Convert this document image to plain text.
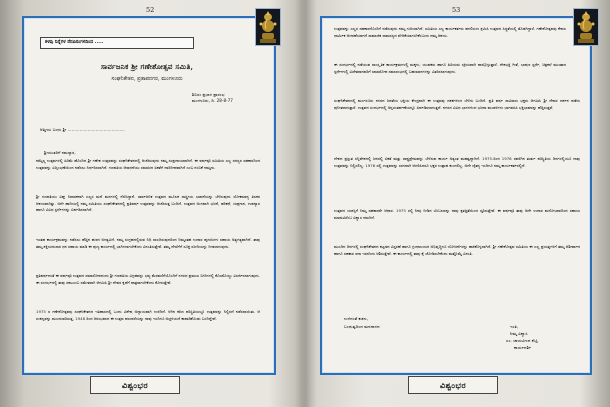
52
ಕಳವು ನಿನ್ನೆಗಳ ನೆನಪಿನಂಗಳದಿಂದ .....
ಸಾರ್ವಜನಿಕ ಶ್ರೀ ಗಣೇಶೋತ್ಸವ ಸಮಿತಿ,
ಸಂಘನಿಕೇತನ, ಪ್ರತಾಪನಗರ, ಮಂಗಳೂರು
ಶಿಬಿರಂ ಪ್ರಭಾಗ ಪ್ರಾರಂಭ
ಮಂಗಳೂರು, ದಿ. 28-8-77
ಆತ್ಮೀಯ ಬಂಧು ಶ್ರೀ ...........................................
ಶ್ರೀಯುತರಿಗೆ ನಮಸ್ಕಾರ,
ನಮ್ಮೆಲ್ಲ ಉತ್ಸವಗಳಲ್ಲಿ ಹಿರಿಮೆ ಹೊಂದಿದ ಶ್ರೀ ಗಣೇಶ ಉತ್ಸವವನ್ನು ಸಂಘನಿಕೇತನದಲ್ಲಿ ಆಚರಿಸುವುದು ನಮ್ಮ ಸಂಪ್ರದಾಯವಾಗಿದೆ. ಈ ವರ್ಷವೂ ಸಮಿತಿಯ ಎಲ್ಲ ಸದಸ್ಯರ ಸಹಕಾರದಿಂದ ಉತ್ಸವವನ್ನು ವಿಜೃಂಭಣೆಯಿಂದ ನಡೆಸಲು ನಿರ್ಧರಿಸಲಾಗಿದೆ. ಗಣಪತಿಯ ಆರಾಧನೆಯು ಸಮಾಜದ ಏಕತೆಗೆ ದಾರಿದೀಪವಾಗಿದೆ ಎಂಬ ನಂಬಿಕೆ ನಮ್ಮದು.
ಶ್ರೀ ಗಣಪತಿಯು ವಿಘ್ನ ನಿವಾರಕನಾಗಿ ಎಲ್ಲರ ಮನೆ ಮನಗಳಲ್ಲಿ ನೆಲೆಸಿದ್ದಾನೆ. ಸಾರ್ವಜನಿಕ ಉತ್ಸವದ ಮೂಲಕ ರಾಷ್ಟ್ರೀಯ ಭಾವನೆಯನ್ನು ಬೆಳೆಸುವುದು ಲೋಕಮಾನ್ಯ ತಿಲಕರ ಆಶಯವಾಗಿತ್ತು. ಅದೇ ಹಾದಿಯಲ್ಲಿ ನಮ್ಮ ಸಮಿತಿಯು ಸಂಘನಿಕೇತನದಲ್ಲಿ ಪ್ರತಿವರ್ಷ ಉತ್ಸವವನ್ನು ಆಚರಿಸುತ್ತ ಬಂದಿದೆ. ಉತ್ಸವದ ಅಂಗವಾಗಿ ಭಜನೆ, ಹರಿಕಥೆ, ಯಕ್ಷಗಾನ, ಉಪನ್ಯಾಸ ಹಾಗೂ ವಿವಿಧ ಸ್ಪರ್ಧೆಗಳನ್ನು ಏರ್ಪಡಿಸಲಾಗಿದೆ.
ಇಂತಹ ಕಾರ್ಯಕ್ರಮವನ್ನು ನಡೆಸಲು ಹೆಚ್ಚಿನ ಹಣದ ಅಗತ್ಯವಿದೆ. ನಮ್ಮ ಸಂಗ್ರಹದಲ್ಲಿರುವ ನಿಧಿ ಸಾಲದಿರುವುದರಿಂದ ನಿಮ್ಮಂತಹ ಉದಾರ ಹೃದಯಿಗಳ ಸಹಾಯ ಅತ್ಯಗತ್ಯವಾಗಿದೆ. ತಾವು ತಮ್ಮ ಶಕ್ತಿಯನುಸಾರ ಧನ ಸಹಾಯ ಮಾಡಿ ಈ ಪುಣ್ಯ ಕಾರ್ಯದಲ್ಲಿ ಭಾಗಿಗಳಾಗಬೇಕೆಂದು ವಿನಂತಿಸುತ್ತೇವೆ. ತಮ್ಮ ದೇಣಿಗೆಗೆ ಸೂಕ್ತ ರಸೀದಿಯನ್ನು ನೀಡಲಾಗುವುದು.
ಪ್ರತಿವರ್ಷದಂತೆ ಈ ವರ್ಷವೂ ಉತ್ಸವದ ಸಮಾರೋಪದಂದು ಶ್ರೀ ಗಣಪತಿಯ ವಿಗ್ರಹವನ್ನು ಭವ್ಯ ಮೆರವಣಿಗೆಯೊಂದಿಗೆ ನಗರದ ಪ್ರಮುಖ ಬೀದಿಗಳಲ್ಲಿ ಕೊಂಡೊಯ್ದು ವಿಸರ್ಜಿಸಲಾಗುವುದು. ಈ ಸಂದರ್ಭದಲ್ಲಿ ತಾವು ಸಕುಟುಂಬ ಸಮೇತರಾಗಿ ಆಗಮಿಸಿ ಶ್ರೀ ದೇವರ ಕೃಪೆಗೆ ಪಾತ್ರರಾಗಬೇಕೆಂದು ಕೋರುತ್ತೇವೆ.
1975 ರ ಗಣೇಶೋತ್ಸವವು ಸಂಘನಿಕೇತನದ ಇತಿಹಾಸದಲ್ಲಿ ಒಂದು ವಿಶೇಷ ಅಧ್ಯಾಯವಾಗಿ ಉಳಿದಿದೆ. ಆಗಿನ ಕಠಿಣ ಪರಿಸ್ಥಿತಿಯಲ್ಲೂ ಉತ್ಸವವನ್ನು ನಿಲ್ಲಿಸದೆ ನಡೆಸಲಾಯಿತು. ಆ ಸಂಕಲ್ಪವನ್ನು ಮುಂದುವರಿಸುತ್ತ, 1948 ರಿಂದ ಆರಂಭವಾದ ಈ ಉತ್ಸವ ಪರಂಪರೆಯನ್ನು ನಾವು ಇಂದಿಗೂ ಅಚ್ಚಳಿಯದೆ ಕಾಪಾಡಿಕೊಂಡು ಬಂದಿದ್ದೇವೆ.
ವಿಶ್ವಂಭರ
53
ಉತ್ಸವವನ್ನು ಎಲ್ಲರ ಸಹಕಾರದೊಂದಿಗೆ ನಡೆಸುವುದು ನಮ್ಮ ಗುರಿಯಾಗಿದೆ. ಸಮಿತಿಯ ಎಲ್ಲ ಕಾರ್ಯಕರ್ತರು ಹಗಲಿರುಳು ಶ್ರಮಿಸಿ ಉತ್ಸವದ ಸಿದ್ಧತೆಯಲ್ಲಿ ತೊಡಗಿದ್ದಾರೆ. ಗಣೇಶೋತ್ಸವವು ಕೇವಲ ಧಾರ್ಮಿಕ ಆಚರಣೆಯಾಗದೆ ಸಾಮಾಜಿಕ ಸಾಮರಸ್ಯದ ವೇದಿಕೆಯಾಗಬೇಕೆಂಬುದು ನಮ್ಮ ಆಶಯ.
ಈ ಸಂದರ್ಭದಲ್ಲಿ ನಡೆಯುವ ಸಾಂಸ್ಕೃತಿಕ ಕಾರ್ಯಕ್ರಮಗಳಲ್ಲಿ ಮಕ್ಕಳು, ಯುವಕರು ಹಾಗೂ ಹಿರಿಯರು ಸಕ್ರಿಯವಾಗಿ ಪಾಲ್ಗೊಳ್ಳುತ್ತಾರೆ. ದೇಶಭಕ್ತಿ ಗೀತೆ, ಭಾಷಣ ಸ್ಪರ್ಧೆ, ಚಿತ್ರಕಲೆ ಮುಂತಾದ ಸ್ಪರ್ಧೆಗಳಲ್ಲಿ ವಿಜೇತರಾದವರಿಗೆ ಸಮಾರೋಪ ಸಮಾರಂಭದಲ್ಲಿ ಬಹುಮಾನಗಳನ್ನು ವಿತರಿಸಲಾಗುವುದು.
ಸಂಘನಿಕೇತನದಲ್ಲಿ ಮಂಗಳೂರು ನಗರದ ಜನತೆಯ ಭಕ್ತಿಯ ಕೇಂದ್ರವಾಗಿ ಈ ಉತ್ಸವವು ದಶಕಗಳಿಂದ ಬೆಳೆದು ಬಂದಿದೆ. ಪ್ರತಿ ವರ್ಷ ಸಾವಿರಾರು ಭಕ್ತರು ಆಗಮಿಸಿ ಶ್ರೀ ದೇವರ ದರ್ಶನ ಪಡೆದು ಪುನೀತರಾಗುತ್ತಾರೆ. ಉತ್ಸವದ ಸಂದರ್ಭದಲ್ಲಿ ಅನ್ನಸಂತರ್ಪಣೆಯನ್ನೂ ಏರ್ಪಡಿಸಲಾಗುತ್ತದೆ. ನಗರದ ವಿವಿಧ ಭಾಗಗಳಿಂದ ಭಜನಾ ಮಂಡಳಿಗಳು ಭಾಗವಹಿಸಿ ಭಕ್ತಿಭಾವವನ್ನು ಹೆಚ್ಚಿಸುತ್ತವೆ.
ದೇಶದ ಪ್ರಸ್ತುತ ಸನ್ನಿವೇಶದಲ್ಲಿ ಜನರಲ್ಲಿ ಏಕತೆ ಮತ್ತು ರಾಷ್ಟ್ರಪ್ರೇಮವನ್ನು ಬೆಳೆಸುವ ಕಾರ್ಯ ಅತ್ಯಂತ ಮಹತ್ವದ್ದಾಗಿದೆ. 1975-ರಿಂದ 1976 ರವರೆಗಿನ ತುರ್ತು ಪರಿಸ್ಥಿತಿಯ ದಿನಗಳಲ್ಲಿಯೂ ನಾವು ಉತ್ಸವವನ್ನು ನಿಲ್ಲಿಸಲಿಲ್ಲ. 1976 ರಲ್ಲಿ ಉತ್ಸವವನ್ನು ಸರಳವಾಗಿ ಆಚರಿಸಿದರೂ ಭಕ್ತರ ಉತ್ಸಾಹ ಕುಂದಲಿಲ್ಲ. ಅದೇ ಚೈತನ್ಯ ಇಂದಿಗೂ ನಮ್ಮ ಕಾರ್ಯಕರ್ತರಲ್ಲಿದೆ.
ಉತ್ಸವದ ಯಶಸ್ಸಿಗೆ ನಿಮ್ಮ ಸಹಕಾರವೇ ಆಧಾರ. 1975 ರಲ್ಲಿ ನೀವು ನೀಡಿದ ಬೆಂಬಲವನ್ನು ನಾವು ಕೃತಜ್ಞತೆಯಿಂದ ಸ್ಮರಿಸುತ್ತೇವೆ. ಈ ವರ್ಷವೂ ತಾವು ಅದೇ ಉದಾರ ಮನೋಭಾವದಿಂದ ಸಹಾಯ ಮಾಡುವಿರೆಂಬ ವಿಶ್ವಾಸ ನಮಗಿದೆ.
ಮುಂದಿನ ದಿನಗಳಲ್ಲಿ ಸಂಘನಿಕೇತನದ ಕಟ್ಟಡದ ವಿಸ್ತರಣೆ ಹಾಗೂ ಗ್ರಂಥಾಲಯದ ಅಭಿವೃದ್ಧಿಗೂ ಯೋಜನೆಗಳನ್ನು ಹಾಕಿಕೊಳ್ಳಲಾಗಿದೆ. ಶ್ರೀ ಗಣೇಶೋತ್ಸವ ಸಮಿತಿಯ ಈ ಎಲ್ಲ ಪ್ರಯತ್ನಗಳಿಗೆ ತಮ್ಮ ಆಶೀರ್ವಾದ ಹಾಗೂ ಸಹಕಾರ ಸದಾ ಇರಲೆಂದು ಆಶಿಸುತ್ತೇವೆ. ಈ ಕಾರ್ಯದಲ್ಲಿ ತಾವು ಕೈ ಜೋಡಿಸಬೇಕೆಂದು ಮತ್ತೊಮ್ಮೆ ವಿನಂತಿ.
ಉಳಿದಂತೆ ಕುಶಲ,
ಬಂಧುತ್ವದಿಂದ ಮನದಾಳದ	ಇಂತಿ,
ನಿಮ್ಮ ವಿಶ್ವಾಸಿ
ಎಂ. ಜಾಯವೀಂದ ಶೆಟ್ಟಿ,
ಕಾರ್ಯದರ್ಶಿ
ವಿಶ್ವಂಭರ
